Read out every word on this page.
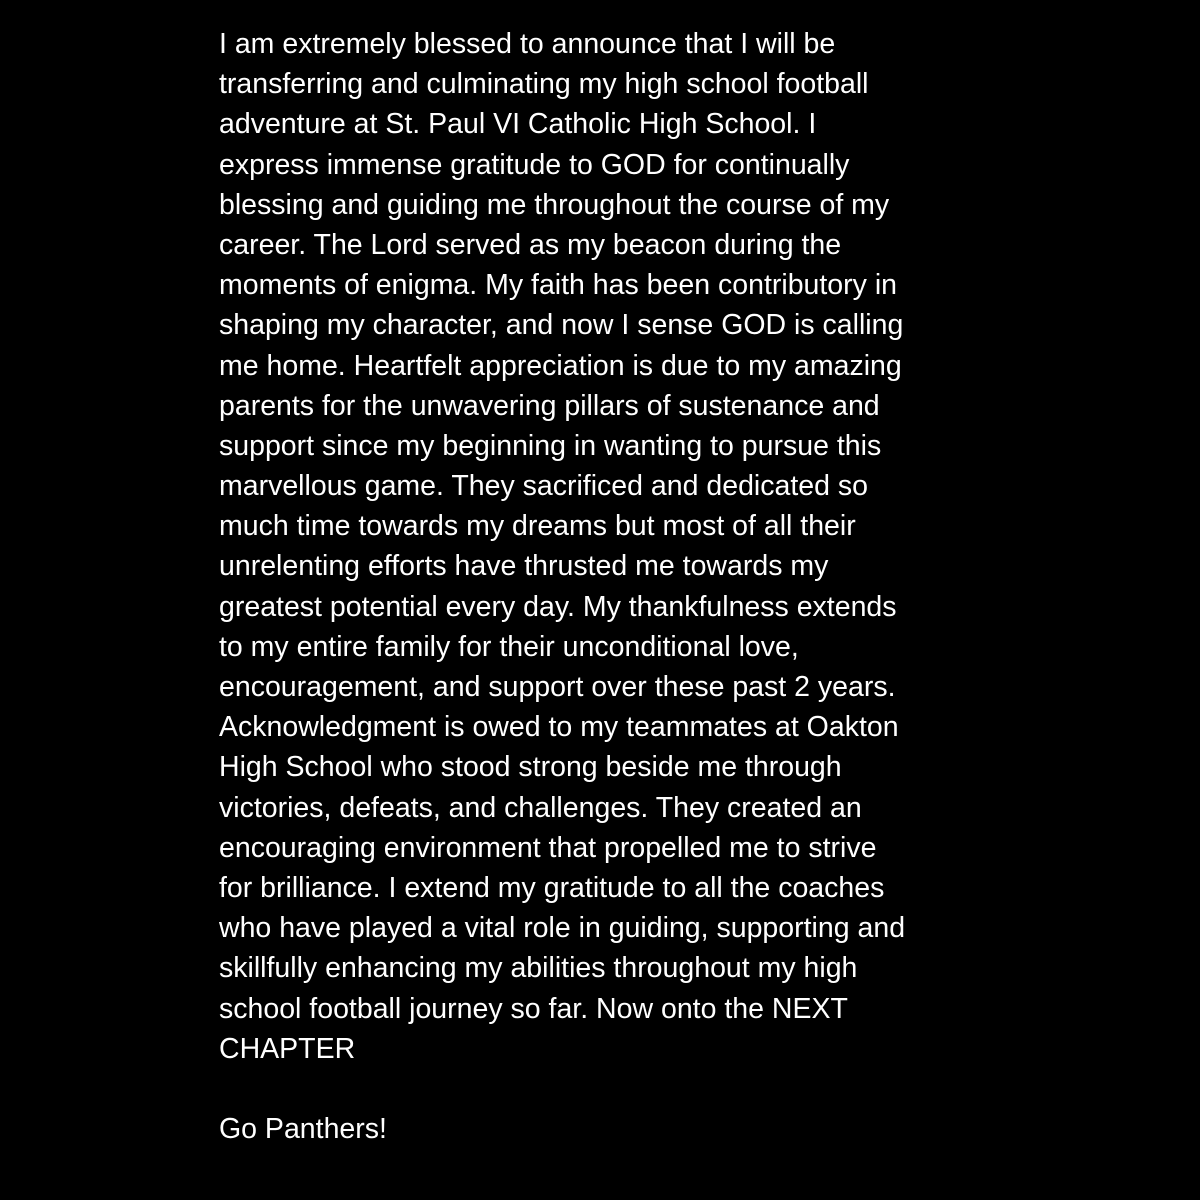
I am extremely blessed to announce that I will be
transferring and culminating my high school football
adventure at St. Paul VI Catholic High School. I
express immense gratitude to GOD for continually
blessing and guiding me throughout the course of my
career. The Lord served as my beacon during the
moments of enigma. My faith has been contributory in
shaping my character, and now I sense GOD is calling
me home. Heartfelt appreciation is due to my amazing
parents for the unwavering pillars of sustenance and
support since my beginning in wanting to pursue this
marvellous game. They sacrificed and dedicated so
much time towards my dreams but most of all their
unrelenting efforts have thrusted me towards my
greatest potential every day. My thankfulness extends
to my entire family for their unconditional love,
encouragement, and support over these past 2 years.
Acknowledgment is owed to my teammates at Oakton
High School who stood strong beside me through
victories, defeats, and challenges. They created an
encouraging environment that propelled me to strive
for brilliance. I extend my gratitude to all the coaches
who have played a vital role in guiding, supporting and
skillfully enhancing my abilities throughout my high
school football journey so far. Now onto the NEXT
CHAPTER
Go Panthers!
